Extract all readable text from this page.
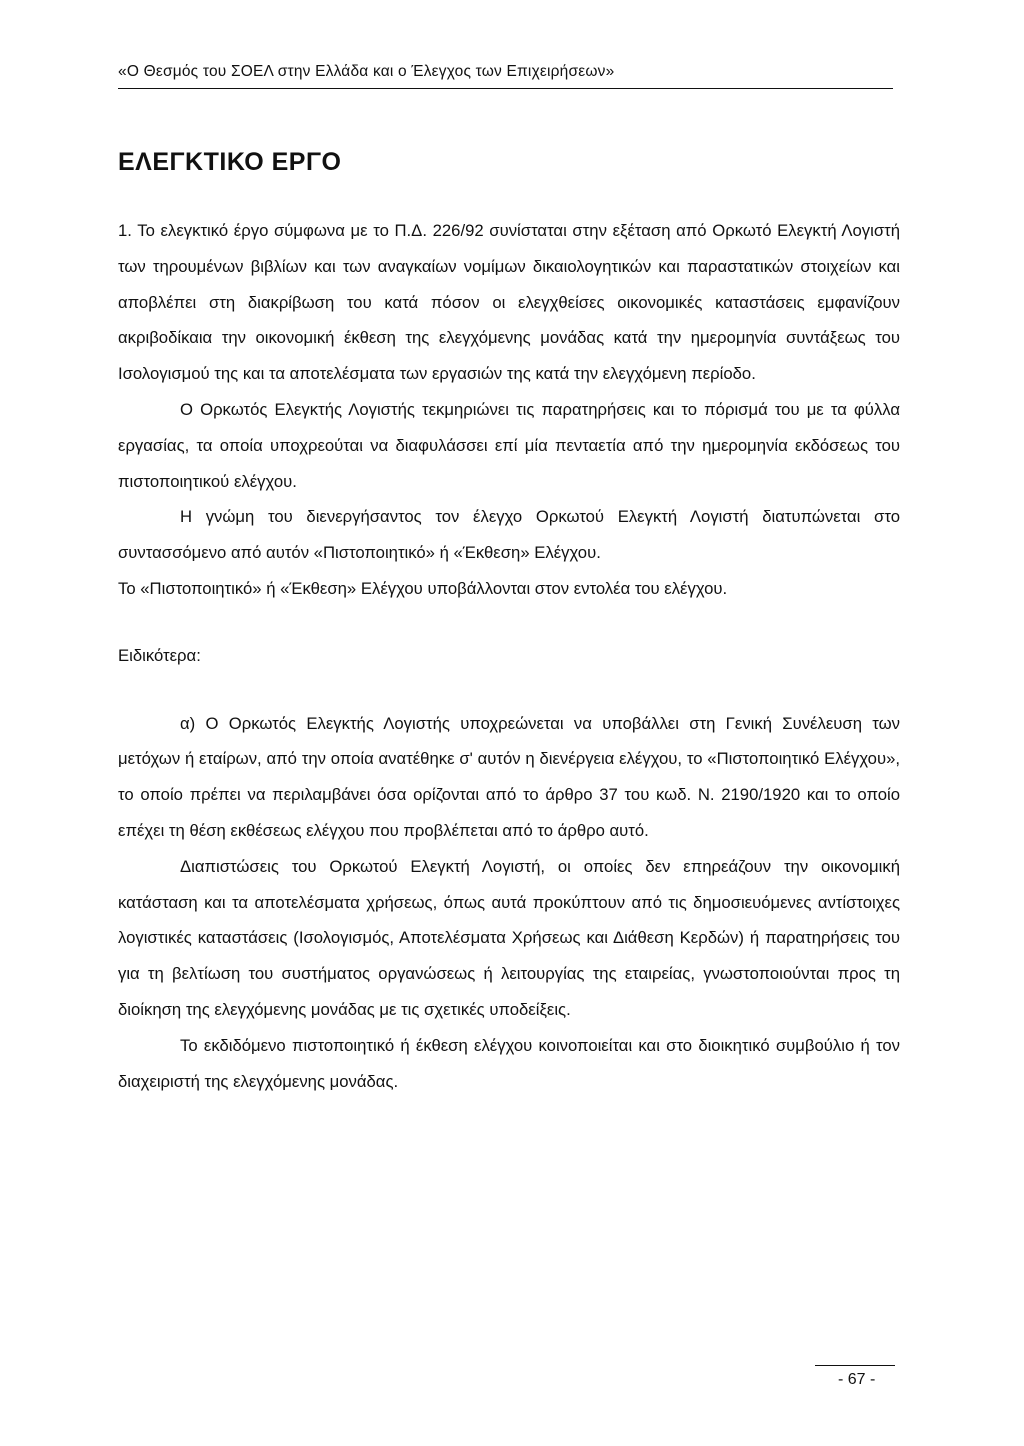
«Ο Θεσμός του ΣΟΕΛ στην Ελλάδα και ο Έλεγχος των Επιχειρήσεων»
ΕΛΕΓΚΤΙΚΟ ΕΡΓΟ

1. Το ελεγκτικό έργο σύμφωνα με το Π.Δ. 226/92 συνίσταται στην εξέταση από Ορκωτό Ελεγκτή Λογιστή των τηρουμένων βιβλίων και των αναγκαίων νομίμων δικαιολογητικών και παραστατικών στοιχείων και αποβλέπει στη διακρίβωση του κατά πόσον οι ελεγχθείσες οικονομικές καταστάσεις εμφανίζουν ακριβοδίκαια την οικονομική έκθεση της ελεγχόμενης μονάδας κατά την ημερομηνία συντάξεως του Ισολογισμού της και τα αποτελέσματα των εργασιών της κατά την ελεγχόμενη περίοδο.

Ο Ορκωτός Ελεγκτής Λογιστής τεκμηριώνει τις παρατηρήσεις και το πόρισμά του με τα φύλλα εργασίας, τα οποία υποχρεούται να διαφυλάσσει επί μία πενταετία από την ημερομηνία εκδόσεως του πιστοποιητικού ελέγχου.

Η γνώμη του διενεργήσαντος τον έλεγχο Ορκωτού Ελεγκτή Λογιστή διατυπώνεται στο συντασσόμενο από αυτόν «Πιστοποιητικό» ή «Έκθεση» Ελέγχου.

Το «Πιστοποιητικό» ή «Έκθεση» Ελέγχου υποβάλλονται στον εντολέα του ελέγχου.

Ειδικότερα:

α) Ο Ορκωτός Ελεγκτής Λογιστής υποχρεώνεται να υποβάλλει στη Γενική Συνέλευση των μετόχων ή εταίρων, από την οποία ανατέθηκε σ' αυτόν η διενέργεια ελέγχου, το «Πιστοποιητικό Ελέγχου», το οποίο πρέπει να περιλαμβάνει όσα ορίζονται από το άρθρο 37 του κωδ. Ν. 2190/1920 και το οποίο επέχει τη θέση εκθέσεως ελέγχου που προβλέπεται από το άρθρο αυτό.

Διαπιστώσεις του Ορκωτού Ελεγκτή Λογιστή, οι οποίες δεν επηρεάζουν την οικονομική κατάσταση και τα αποτελέσματα χρήσεως, όπως αυτά προκύπτουν από τις δημοσιευόμενες αντίστοιχες λογιστικές καταστάσεις (Ισολογισμός, Αποτελέσματα Χρήσεως και Διάθεση Κερδών) ή παρατηρήσεις του για τη βελτίωση του συστήματος οργανώσεως ή λειτουργίας της εταιρείας, γνωστοποιούνται προς τη διοίκηση της ελεγχόμενης μονάδας με τις σχετικές υποδείξεις.

Το εκδιδόμενο πιστοποιητικό ή έκθεση ελέγχου κοινοποιείται και στο διοικητικό συμβούλιο ή τον διαχειριστή της ελεγχόμενης μονάδας.

- 67 -
